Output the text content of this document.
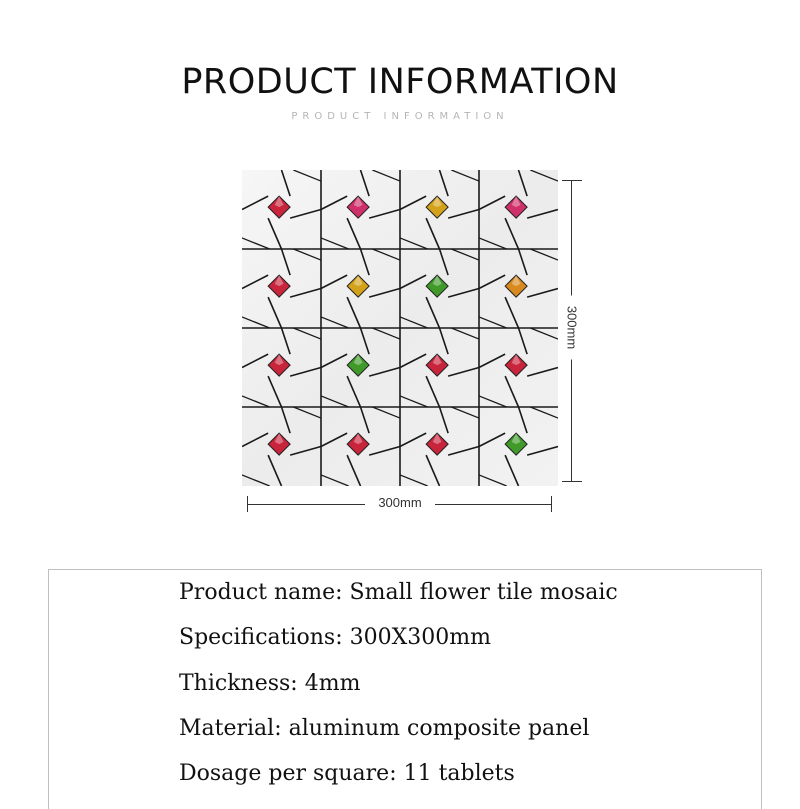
PRODUCT INFORMATION
PRODUCT INFORMATION
300mm
300mm
Product name: Small flower tile mosaic
Specifications: 300X300mm
Thickness: 4mm
Material: aluminum composite panel
Dosage per square: 11 tablets
